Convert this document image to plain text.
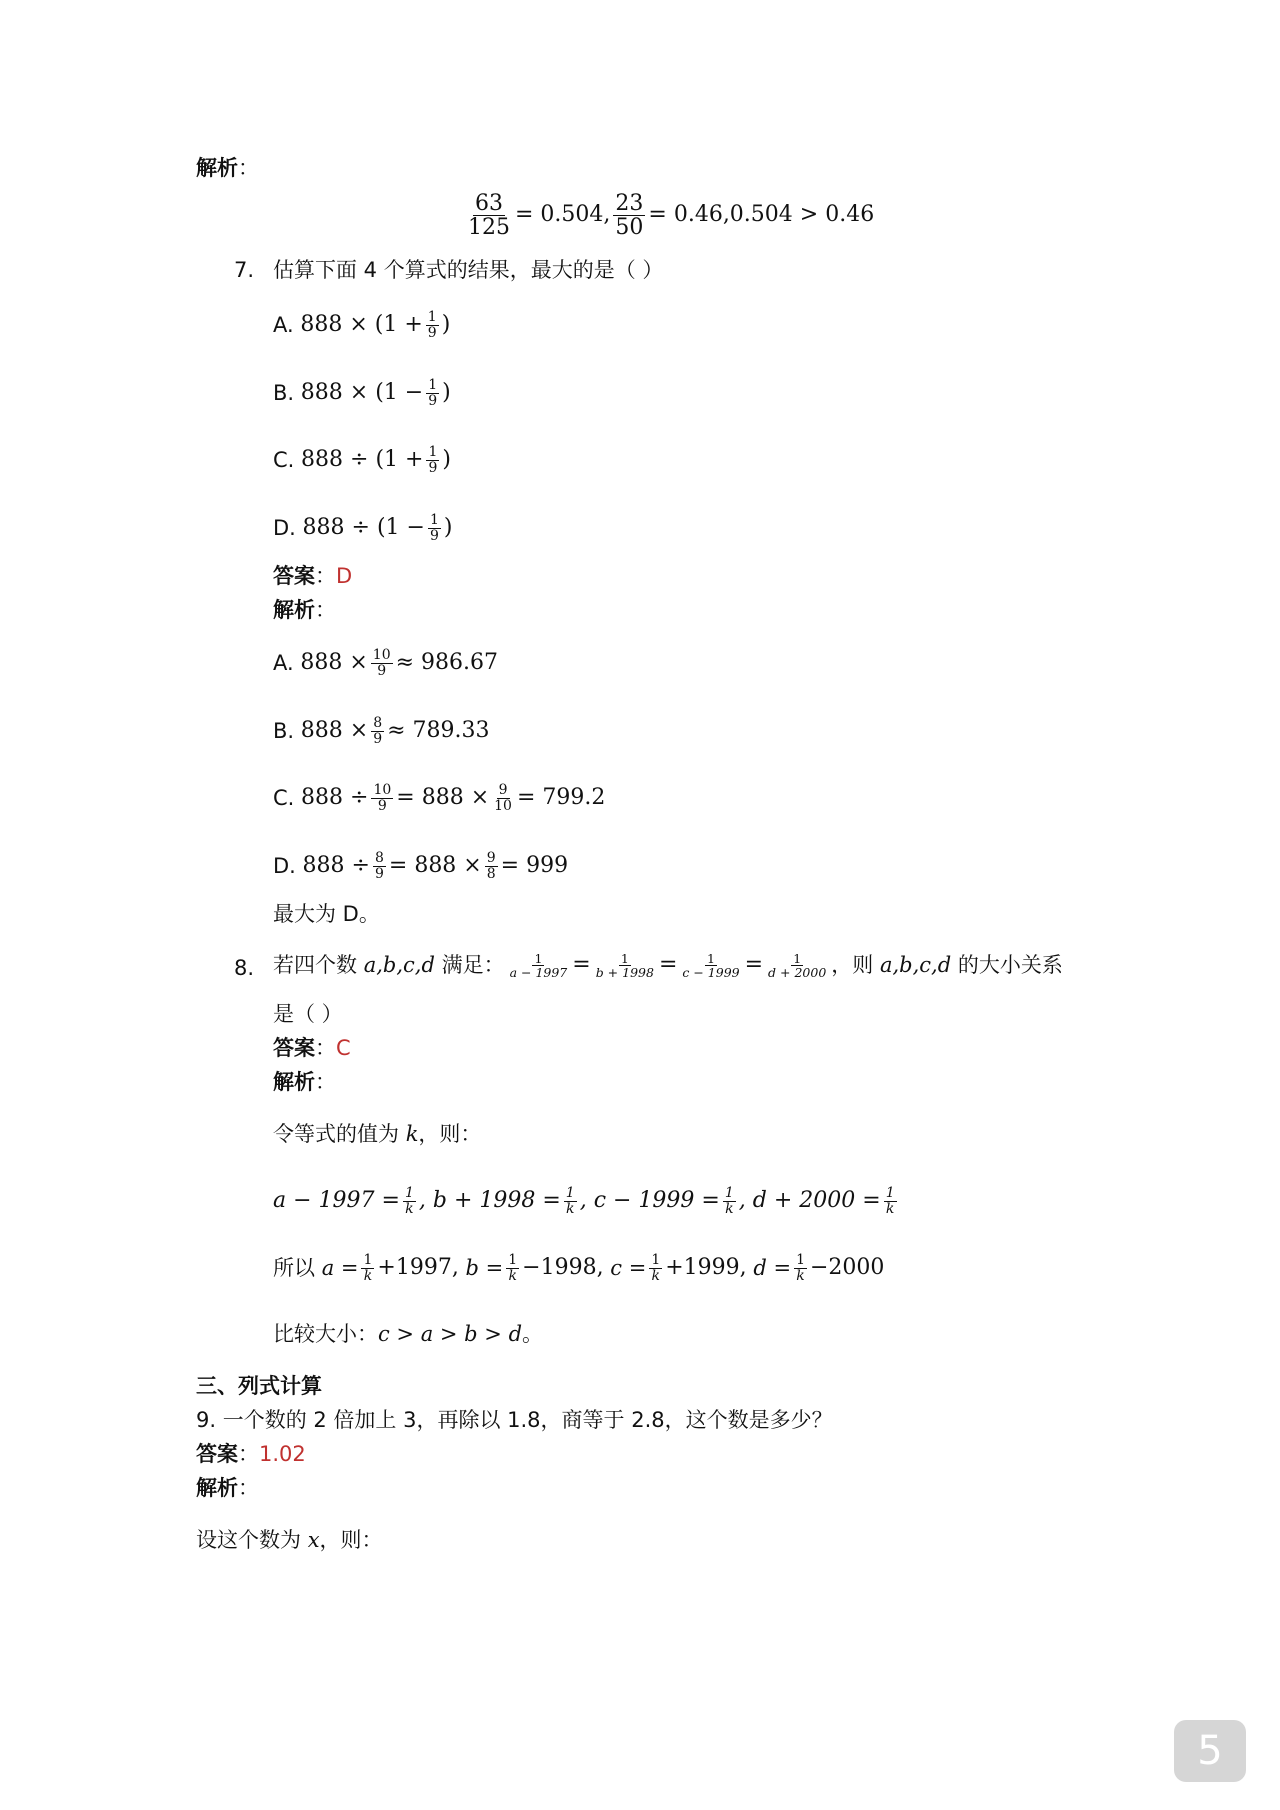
解析：
$\frac{63}{125} = 0.504$, $\frac{23}{50} = 0.46,0.504 > 0.46$
7. 估算下面 4 个算式的结果，最大的是（ ）
A.
$888 \times (1 + \frac{1}{9}$ )
B.
$888 \times (1 - \frac{1}{9}$ )
C.
$888 \div (1 + \frac{1}{9}$ )
D.
$888 \div (1 - \frac{1}{9}$ )
答案：D
解析：
A.
$888 \times \frac{10}{9} \approx 986.67$
B.
$888 \times \frac{8}{9} \approx 789.33$
C.
$888 \div \frac{10}{9} = 888 \times \frac{9}{10} = 799.2$
D.
$888 \div \frac{8}{9} = 888 \times \frac{9}{8} = 999$
最大为 D。
8. 若四个数
a,b,c,d
满足： $\frac{1}{a - 1997} = \frac{1}{b + 1998} = \frac{1}{c - 1999} = \frac{1}{d + 2000}$ ，则
a,b,c,d
的大小关系
是（ ）
答案：C
解析：
令等式的值为 k，则：
$a - 1997 = \frac{1}{k}$ , $b + 1998 = \frac{1}{k}$ , $c - 1999 = \frac{1}{k}$ , $d + 2000 = \frac{1}{k}$
所以
$a = \frac{1}{k} +1997$,
$b = \frac{1}{k} -1998$,
$c = \frac{1}{k} +1999$,
$d = \frac{1}{k} -2000$
比较大小：c > a > b > d。
三、列式计算
9. 一个数的 2 倍加上 3，再除以 1.8，商等于 2.8，这个数是多少？
答案：1.02
解析：
设这个数为 x，则：
5
